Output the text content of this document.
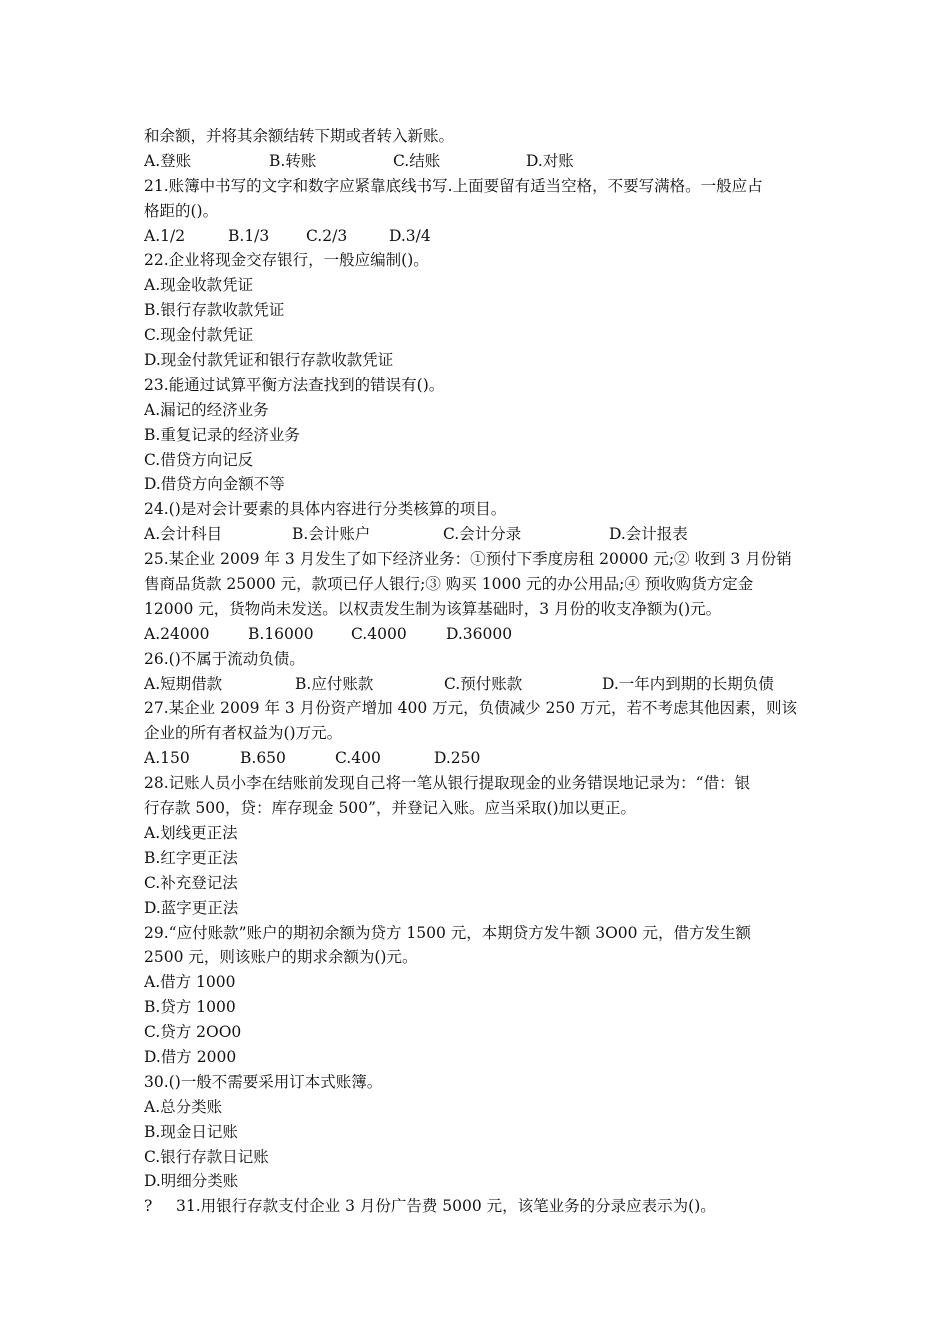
和余额，并将其余额结转下期或者转入新账。
A.登账	B.转账	C.结账	D.对账
21.账簿中书写的文字和数字应紧靠底线书写.上面要留有适当空格，不要写满格。一般应占
格距的()。
A.1/2	B.1/3	C.2/3	D.3/4
22.企业将现金交存银行，一般应编制()。
A.现金收款凭证
B.银行存款收款凭证
C.现金付款凭证
D.现金付款凭证和银行存款收款凭证
23.能通过试算平衡方法查找到的错误有()。
A.漏记的经济业务
B.重复记录的经济业务
C.借贷方向记反
D.借贷方向金额不等
24.()是对会计要素的具体内容进行分类核算的项目。
A.会计科目	B.会计账户	C.会计分录	D.会计报表
25.某企业 2009 年 3 月发生了如下经济业务：①预付下季度房租 20000 元;② 收到 3 月份销
售商品货款 25000 元，款项已仔人银行;③ 购买 1000 元的办公用品;④ 预收购货方定金
12000 元，货物尚未发送。以权责发生制为该算基础时，3 月份的收支净额为()元。
A.24000	B.16000	C.4000	D.36000
26.()不属于流动负债。
A.短期借款	B.应付账款	C.预付账款	D.一年内到期的长期负债
27.某企业 2009 年 3 月份资产增加 400 万元，负债减少 250 万元，若不考虑其他因素，则该
企业的所有者权益为()万元。
A.150	B.650	C.400	D.250
28.记账人员小李在结账前发现自己将一笔从银行提取现金的业务错误地记录为：“借：银
行存款 500，贷：库存现金 500”，并登记入账。应当采取()加以更正。
A.划线更正法
B.红字更正法
C.补充登记法
D.蓝字更正法
29.“应付账款”账户的期初余额为贷方 1500 元，本期贷方发牛额 3O00 元，借方发生额
2500 元，则该账户的期求余额为()元。
A.借方 1000
B.贷方 1000
C.贷方 2OO0
D.借方 2000
30.()一般不需要采用订本式账簿。
A.总分类账
B.现金日记账
C.银行存款日记账
D.明细分类账
? 31.用银行存款支付企业 3 月份广告费 5000 元，该笔业务的分录应表示为()。
